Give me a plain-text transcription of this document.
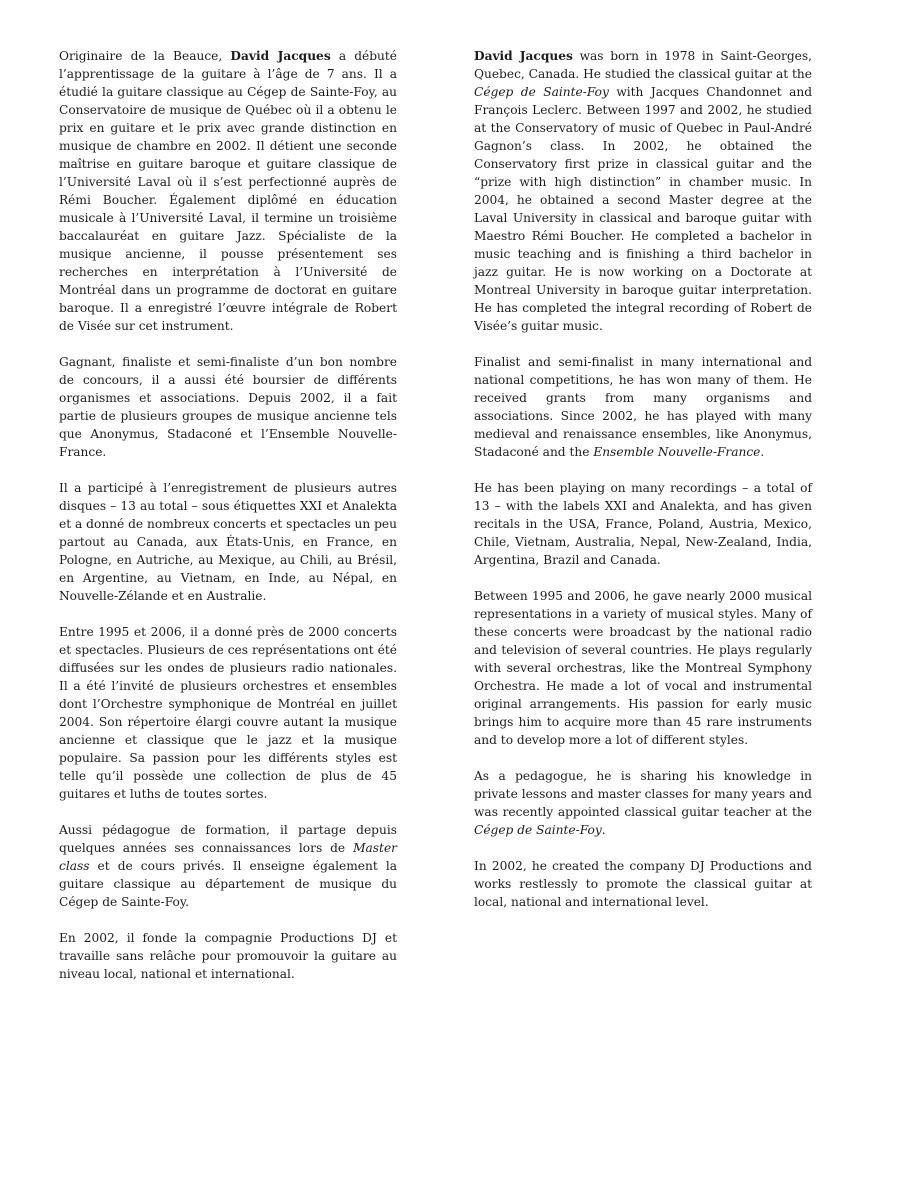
Originaire de la Beauce, David Jacques a débuté l’apprentissage de la guitare à l’âge de 7 ans. Il a étudié la guitare classique au Cégep de Sainte-Foy, au Conservatoire de musique de Québec où il a obtenu le prix en guitare et le prix avec grande distinction en musique de chambre en 2002. Il détient une seconde maîtrise en guitare baroque et guitare classique de l’Université Laval où il s’est perfectionné auprès de Rémi Boucher. Également diplômé en éducation musicale à l’Université Laval, il termine un troisième baccalauréat en guitare Jazz. Spécialiste de la musique ancienne, il pousse présentement ses recherches en interprétation à l’Université de Montréal dans un programme de doctorat en guitare baroque. Il a enregistré l’œuvre intégrale de Robert de Visée sur cet instrument.

Gagnant, finaliste et semi-finaliste d’un bon nombre de concours, il a aussi été boursier de différents organismes et associations. Depuis 2002, il a fait partie de plusieurs groupes de musique ancienne tels que Anonymus, Stadaconé et l’Ensemble Nouvelle-France.

Il a participé à l’enregistrement de plusieurs autres disques – 13 au total – sous étiquettes XXI et Analekta et a donné de nombreux concerts et spectacles un peu partout au Canada, aux États-Unis, en France, en Pologne, en Autriche, au Mexique, au Chili, au Brésil, en Argentine, au Vietnam, en Inde, au Népal, en Nouvelle-Zélande et en Australie.

Entre 1995 et 2006, il a donné près de 2000 concerts et spectacles. Plusieurs de ces représentations ont été diffusées sur les ondes de plusieurs radio nationales. Il a été l’invité de plusieurs orchestres et ensembles dont l’Orchestre symphonique de Montréal en juillet 2004. Son répertoire élargi couvre autant la musique ancienne et classique que le jazz et la musique populaire. Sa passion pour les différents styles est telle qu’il possède une collection de plus de 45 guitares et luths de toutes sortes.

Aussi pédagogue de formation, il partage depuis quelques années ses connaissances lors de Master class et de cours privés. Il enseigne également la guitare classique au département de musique du Cégep de Sainte-Foy.

En 2002, il fonde la compagnie Productions DJ et travaille sans relâche pour promouvoir la guitare au niveau local, national et international.

David Jacques was born in 1978 in Saint-Georges, Quebec, Canada. He studied the classical guitar at the Cégep de Sainte-Foy with Jacques Chandonnet and François Leclerc. Between 1997 and 2002, he studied at the Conservatory of music of Quebec in Paul-André Gagnon’s class. In 2002, he obtained the Conservatory first prize in classical guitar and the “prize with high distinction” in chamber music. In 2004, he obtained a second Master degree at the Laval University in classical and baroque guitar with Maestro Rémi Boucher. He completed a bachelor in music teaching and is finishing a third bachelor in jazz guitar. He is now working on a Doctorate at Montreal University in baroque guitar interpretation. He has completed the integral recording of Robert de Visée’s guitar music.

Finalist and semi-finalist in many international and national competitions, he has won many of them. He received grants from many organisms and associations. Since 2002, he has played with many medieval and renaissance ensembles, like Anonymus, Stadaconé and the Ensemble Nouvelle-France.

He has been playing on many recordings – a total of 13 – with the labels XXI and Analekta, and has given recitals in the USA, France, Poland, Austria, Mexico, Chile, Vietnam, Australia, Nepal, New-Zealand, India, Argentina, Brazil and Canada.

Between 1995 and 2006, he gave nearly 2000 musical representations in a variety of musical styles. Many of these concerts were broadcast by the national radio and television of several countries. He plays regularly with several orchestras, like the Montreal Symphony Orchestra. He made a lot of vocal and instrumental original arrangements. His passion for early music brings him to acquire more than 45 rare instruments and to develop more a lot of different styles.

As a pedagogue, he is sharing his knowledge in private lessons and master classes for many years and was recently appointed classical guitar teacher at the Cégep de Sainte-Foy.

In 2002, he created the company DJ Productions and works restlessly to promote the classical guitar at local, national and international level.
